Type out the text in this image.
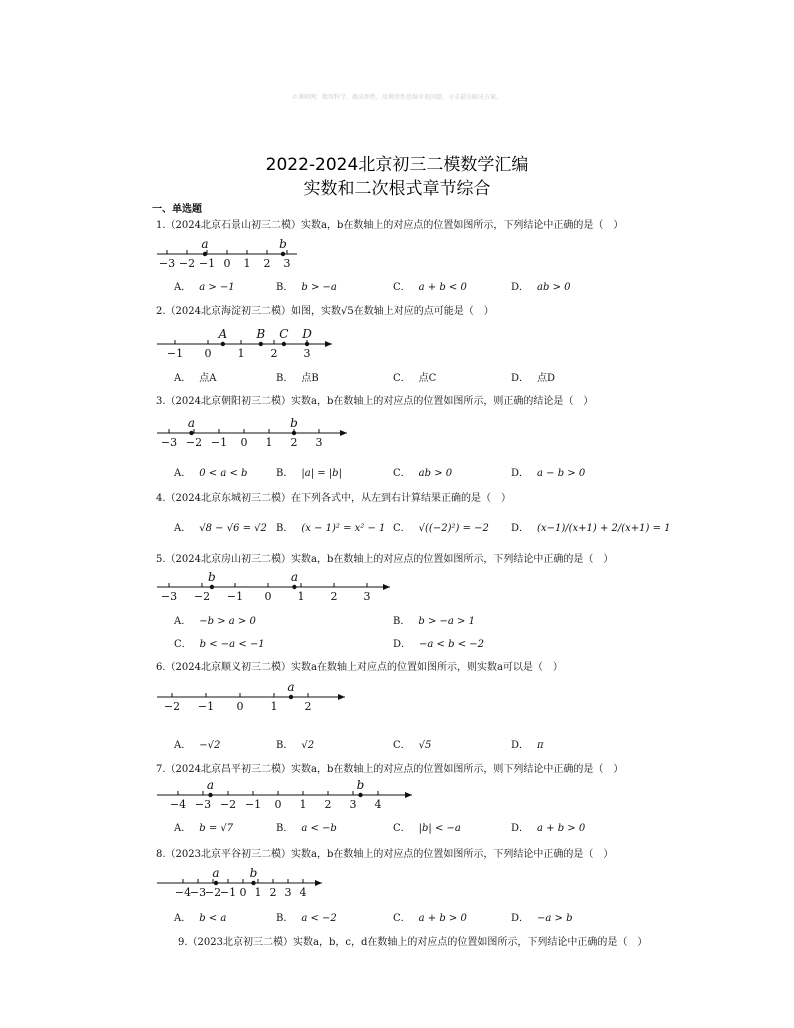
©课师网：数智科学，蕴高理性，用规律性思维审视问题，寻求最佳解决方案。
2022-2024北京初三二模数学汇编
实数和二次根式章节综合
一、单选题
1.（2024北京石景山初三二模）实数a，b在数轴上的对应点的位置如图所示，下列结论中正确的是（　）
−3 −2 −1 0 1 2 3
a	b
A． a > −1	B． b > −a	C． a + b < 0	D． ab > 0
2.（2024北京海淀初三二模）如图，实数√5在数轴上对应的点可能是（　）
−1 0 1 2 3
A B C D
A． 点A	B． 点B	C． 点C	D． 点D
3.（2024北京朝阳初三二模）实数a，b在数轴上的对应点的位置如图所示，则正确的结论是（　）
−3 −2 −1 0 1 2 3
a	b
A． 0 < a < b	B． |a| = |b|	C． ab > 0	D． a − b > 0
4.（2024北京东城初三二模）在下列各式中，从左到右计算结果正确的是（　）
A． √8 − √6 = √2 B． (x − 1)² = x² − 1 C． √((−2)²) = −2 D． (x−1)/(x+1) + 2/(x+1) = 1
5.（2024北京房山初三二模）实数a，b在数轴上的对应点的位置如图所示，下列结论中正确的是（　）
−3 −2 −1 0 1 2 3
b	a
A． −b > a > 0	B． b > −a > 1
C． b < −a < −1	D． −a < b < −2
6.（2024北京顺义初三二模）实数a在数轴上对应点的位置如图所示，则实数a可以是（　）
−2 −1 0 1 2
a
A． −√2	B． √2	C． √5	D． π
7.（2024北京昌平初三二模）实数a，b在数轴上的对应点的位置如图所示，则下列结论中正确的是（　）
−4 −3 −2 −1 0 1 2 3 4
a	b
A． b = √7	B． a < −b	C． |b| < −a	D． a + b > 0
8.（2023北京平谷初三二模）实数a，b在数轴上的对应点的位置如图所示，下列结论中正确的是（　）
−4
−3
−2
−1 0 1 2 3 4
a	b
A． b < a	B． a < −2	C． a + b > 0	D． −a > b
9.（2023北京初三二模）实数a，b，c，d在数轴上的对应点的位置如图所示，下列结论中正确的是（　）
